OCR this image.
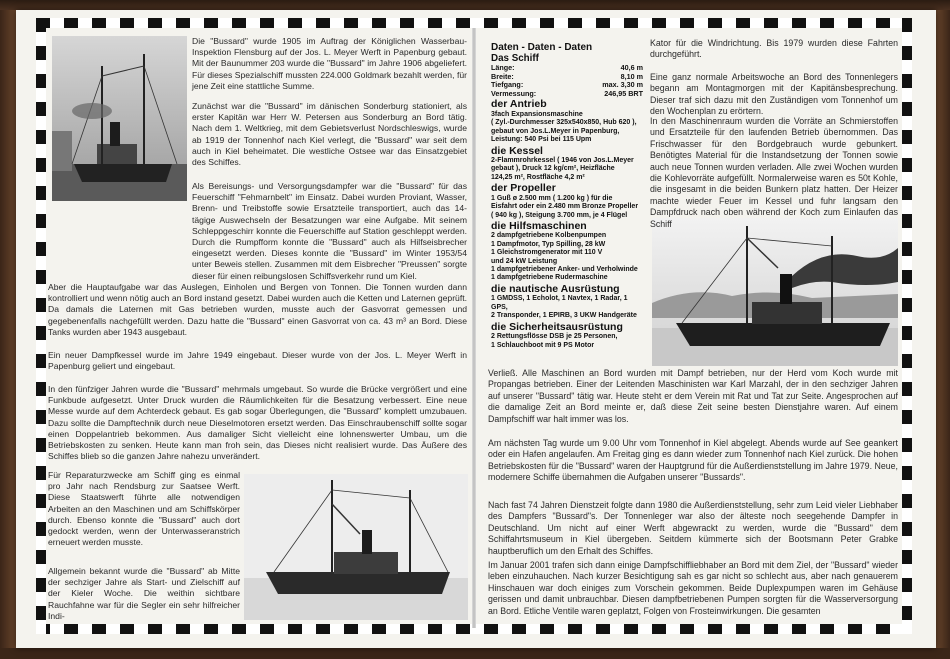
Die "Bussard" wurde 1905 im Auftrag der Königlichen Wasserbau-Inspektion Flensburg auf der Jos. L. Meyer Werft in Papenburg gebaut. Mit der Baunummer 203 wurde die "Bussard" im Jahre 1906 abgeliefert. Für dieses Spezialschiff mussten 224.000 Goldmark bezahlt werden, für jene Zeit eine stattliche Summe.

Zunächst war die "Bussard" im dänischen Sonderburg stationiert, als erster Kapitän war Herr W. Petersen aus Sonderburg an Bord tätig. Nach dem 1. Weltkrieg, mit dem Gebietsverlust Nordschleswigs, wurde ab 1919 der Tonnenhof nach Kiel verlegt, die "Bussard" war seit dem auch in Kiel beheimatet. Die westliche Ostsee war das Einsatzgebiet des Schiffes.

Als Bereisungs- und Versorgungsdampfer war die "Bussard" für das Feuerschiff "Fehmarnbelt" im Einsatz. Dabei wurden Proviant, Wasser, Brenn- und Treibstoffe sowie Ersatzteile transportiert, auch das 14-tägige Auswechseln der Besatzungen war eine Aufgabe. Mit seinem Schleppgeschirr konnte die Feuerschiffe auf Station geschleppt werden. Durch die Rumpfform konnte die "Bussard" auch als Hilfseisbrecher eingesetzt werden. Dieses konnte die "Bussard" im Winter 1953/54 unter Beweis stellen. Zusammen mit dem Eisbrecher "Preussen" sorgte dieser für einen reibungslosen Schiffsverkehr rund um Kiel.

Aber die Hauptaufgabe war das Auslegen, Einholen und Bergen von Tonnen. Die Tonnen wurden dann kontrolliert und wenn nötig auch an Bord instand gesetzt. Dabei wurden auch die Ketten und Laternen geprüft. Da damals die Laternen mit Gas betrieben wurden, musste auch der Gasvorrat gemessen und gegebenenfalls nachgefüllt werden. Dazu hatte die "Bussard" einen Gasvorrat von ca. 43 m³ an Bord. Diese Tanks wurden aber 1943 ausgebaut.

Ein neuer Dampfkessel wurde im Jahre 1949 eingebaut. Dieser wurde von der Jos. L. Meyer Werft in Papenburg geliert und eingebaut.

In den fünfziger Jahren wurde die "Bussard" mehrmals umgebaut. So wurde die Brücke vergrößert und eine Funkbude aufgesetzt. Unter Druck wurden die Räumlichkeiten für die Besatzung verbessert. Eine neue Messe wurde auf dem Achterdeck gebaut. Es gab sogar Überlegungen, die "Bussard" komplett umzubauen. Dazu sollte die Dampftechnik durch neue Dieselmotoren ersetzt werden. Das Einschraubenschiff sollte sogar einen Doppelantrieb bekommen. Aus damaliger Sicht vielleicht eine lohnenswerter Umbau, um die Betriebskosten zu senken. Heute kann man froh sein, das Dieses nicht realisiert wurde. Das Äußere des Schiffes blieb so die ganzen Jahre nahezu unverändert.

Für Reparaturzwecke am Schiff ging es einmal pro Jahr nach Rendsburg zur Saatsee Werft. Diese Staatswerft führte alle notwendigen Arbeiten an den Maschinen und am Schiffskörper durch. Ebenso konnte die "Bussard" auch dort gedockt werden, wenn der Unterwasseranstrich erneuert werden musste.

Allgemein bekannt wurde die "Bussard" ab Mitte der sechziger Jahre als Start- und Zielschiff auf der Kieler Woche. Die weithin sichtbare Rauchfahne war für die Segler ein sehr hilfreicher Indi-

Daten - Daten - Daten
Das Schiff
Länge:	40,6 m
Breite:	8,10 m
Tiefgang:	max. 3,30 m
Vermessung:	246,95 BRT
der Antrieb
3fach Expansionsmaschine
( Zyl.-Durchmesser 325x540x850, Hub 620 ),
gebaut von Jos.L.Meyer in Papenburg,
Leistung: 540 Psi bei 115 Upm
die Kessel
2-Flammrohrkessel ( 1946 von Jos.L.Meyer
gebaut ), Druck 12 kg/cm², Heizfläche
124,25 m², Rostfläche 4,2 m²
der Propeller
1 Guß ø 2.500 mm ( 1.200 kg ) für die
Eisfahrt oder ein 2.480 mm Bronze Propeller
( 940 kg ), Steigung 3.700 mm, je 4 Flügel
die Hilfsmaschinen
2 dampfgetriebene Kolbenpumpen
1 Dampfmotor, Typ Spilling, 28 kW
1 Gleichstromgenerator mit 110 V
und 24 kW Leistung
1 dampfgetriebener Anker- und Verholwinde
1 dampfgetriebene Rudermaschine
die nautische Ausrüstung
1 GMDSS, 1 Echolot, 1 Navtex, 1 Radar, 1 GPS,
2 Transponder, 1 EPIRB, 3 UKW Handgeräte
die Sicherheitsausrüstung
2 Rettungsflösse DSB je 25 Personen,
1 Schlauchboot mit 9 PS Motor

Kator für die Windrichtung. Bis 1979 wurden diese Fahrten durchgeführt.

Eine ganz normale Arbeitswoche an Bord des Tonnenlegers begann am Montagmorgen mit der Kapitänsbesprechung. Dieser traf sich dazu mit den Zuständigen vom Tonnenhof um den Wochenplan zu erörtern.

In den Maschinenraum wurden die Vorräte an Schmierstoffen und Ersatzteile für den laufenden Betrieb übernommen. Das Frischwasser für den Bordgebrauch wurde gebunkert. Benötigtes Material für die Instandsetzung der Tonnen sowie auch neue Tonnen wurden verladen. Alle zwei Wochen wurden die Kohlevorräte aufgefüllt. Normalerweise waren es 50t Kohle, die insgesamt in die beiden Bunkern platz hatten. Der Heizer machte wieder Feuer im Kessel und fuhr langsam den Dampfdruck nach oben während der Koch zum Einlaufen das Schiff

Verließ. Alle Maschinen an Bord wurden mit Dampf betrieben, nur der Herd vom Koch wurde mit Propangas betrieben. Einer der Leitenden Maschinisten war Karl Marzahl, der in den sechziger Jahren auf unserer "Bussard" tätig war. Heute steht er dem Verein mit Rat und Tat zur Seite. Angesprochen auf die damalige Zeit an Bord meinte er, daß diese Zeit seine besten Dienstjahre waren. Auf einem Dampfschiff war halt immer was los.

Am nächsten Tag wurde um 9.00 Uhr vom Tonnenhof in Kiel abgelegt. Abends wurde auf See geankert oder ein Hafen angelaufen. Am Freitag ging es dann wieder zum Tonnenhof nach Kiel zurück. Die hohen Betriebskosten für die "Bussard" waren der Hauptgrund für die Außerdienststellung im Jahre 1979. Neue, modernere Schiffe übernahmen die Aufgaben unserer "Bussards".

Nach fast 74 Jahren Dienstzeit folgte dann 1980 die Außerdienststellung, sehr zum Leid vieler Liebhaber des Dampfers "Bussard"s. Der Tonnenleger war also der älteste noch seegehende Dampfer in Deutschland. Um nicht auf einer Werft abgewrackt zu werden, wurde die "Bussard" dem Schiffahrtsmuseum in Kiel übergeben. Seitdem kümmerte sich der Bootsmann Peter Grabke hauptberuflich um den Erhalt des Schiffes.

Im Januar 2001 trafen sich dann einige Dampfschiffliebhaber an Bord mit dem Ziel, der "Bussard" wieder leben einzuhauchen. Nach kurzer Besichtigung sah es gar nicht so schlecht aus, aber nach genauerem Hinschauen war doch einiges zum Vorschein gekommen. Beide Duplexpumpen waren im Gehäuse gerissen und damit unbrauchbar. Diesen dampfbetriebenen Pumpen sorgten für die Wasserversorgung an Bord. Etliche Ventile waren geplatzt, Folgen von Frosteinwirkungen. Die gesamten
